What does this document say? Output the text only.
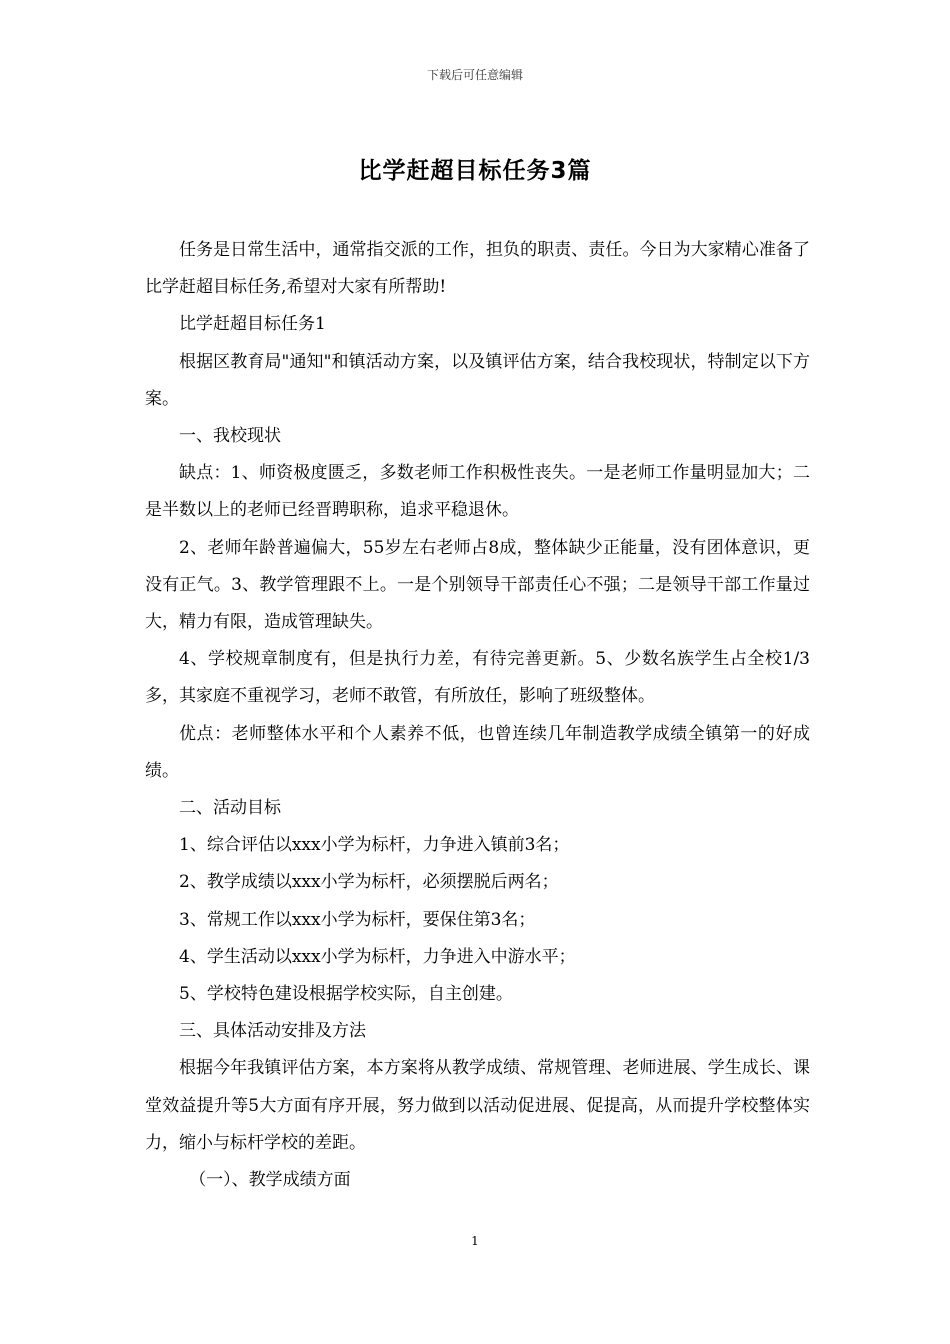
下载后可任意编辑
比学赶超目标任务3篇

任务是日常生活中，通常指交派的工作，担负的职责、责任。今日为大家精心准备了比学赶超目标任务,希望对大家有所帮助!

比学赶超目标任务1

根据区教育局"通知"和镇活动方案，以及镇评估方案，结合我校现状，特制定以下方案。

一、我校现状

缺点：1、师资极度匮乏，多数老师工作积极性丧失。一是老师工作量明显加大；二是半数以上的老师已经晋聘职称，追求平稳退休。

2、老师年龄普遍偏大，55岁左右老师占8成，整体缺少正能量，没有团体意识，更没有正气。3、教学管理跟不上。一是个别领导干部责任心不强；二是领导干部工作量过大，精力有限，造成管理缺失。

4、学校规章制度有，但是执行力差，有待完善更新。5、少数名族学生占全校1/3多，其家庭不重视学习，老师不敢管，有所放任，影响了班级整体。

优点：老师整体水平和个人素养不低，也曾连续几年制造教学成绩全镇第一的好成绩。

二、活动目标

1、综合评估以xxx小学为标杆，力争进入镇前3名；

2、教学成绩以xxx小学为标杆，必须摆脱后两名；

3、常规工作以xxx小学为标杆，要保住第3名；

4、学生活动以xxx小学为标杆，力争进入中游水平；

5、学校特色建设根据学校实际，自主创建。

三、具体活动安排及方法

根据今年我镇评估方案，本方案将从教学成绩、常规管理、老师进展、学生成长、课堂效益提升等5大方面有序开展，努力做到以活动促进展、促提高，从而提升学校整体实力，缩小与标杆学校的差距。

（一）、教学成绩方面

1
